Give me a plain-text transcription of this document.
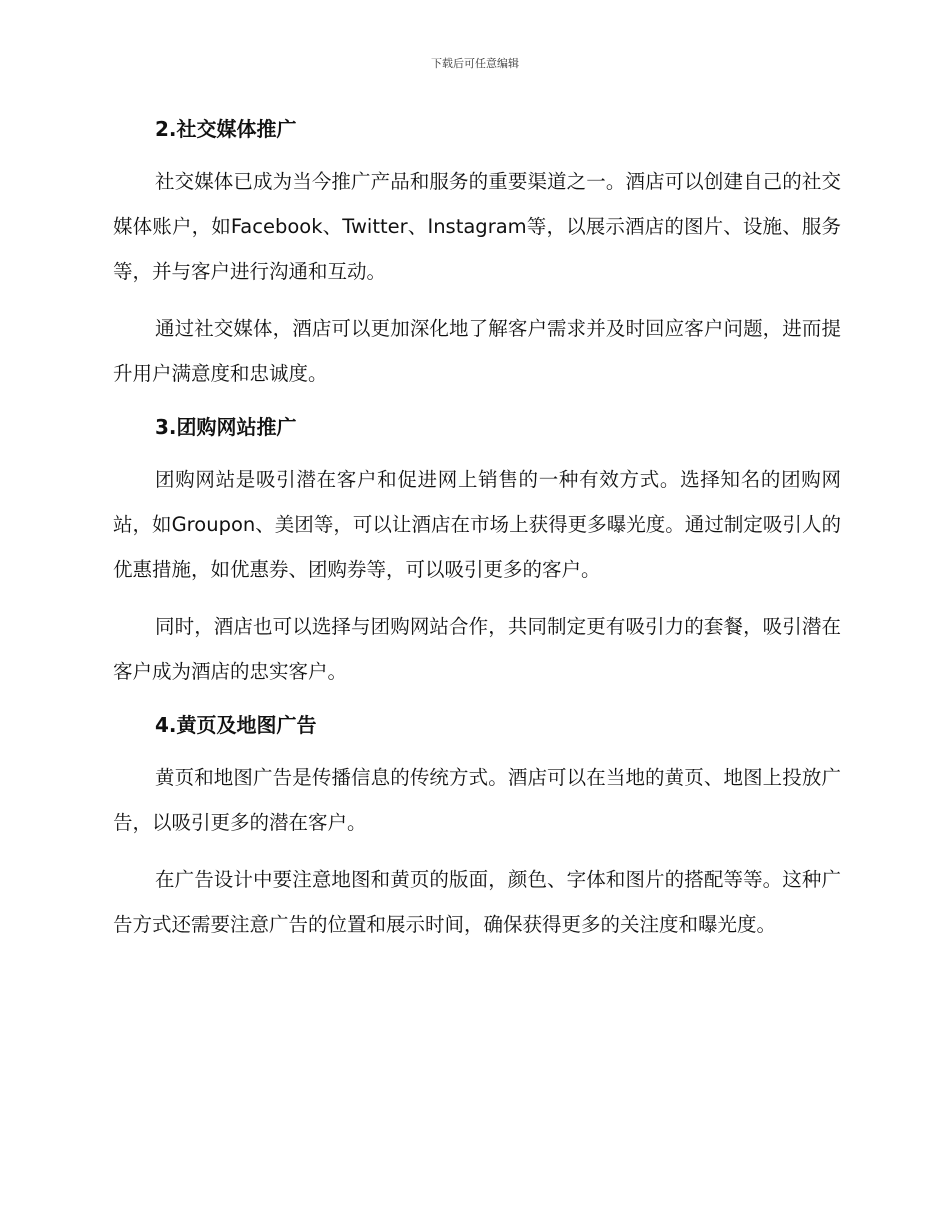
下载后可任意编辑
2.社交媒体推广

社交媒体已成为当今推广产品和服务的重要渠道之一。酒店可以创建自己的社交媒体账户，如Facebook、Twitter、Instagram等，以展示酒店的图片、设施、服务等，并与客户进行沟通和互动。

通过社交媒体，酒店可以更加深化地了解客户需求并及时回应客户问题，进而提升用户满意度和忠诚度。

3.团购网站推广

团购网站是吸引潜在客户和促进网上销售的一种有效方式。选择知名的团购网站，如Groupon、美团等，可以让酒店在市场上获得更多曝光度。通过制定吸引人的优惠措施，如优惠券、团购券等，可以吸引更多的客户。

同时，酒店也可以选择与团购网站合作，共同制定更有吸引力的套餐，吸引潜在客户成为酒店的忠实客户。

4.黄页及地图广告

黄页和地图广告是传播信息的传统方式。酒店可以在当地的黄页、地图上投放广告，以吸引更多的潜在客户。

在广告设计中要注意地图和黄页的版面，颜色、字体和图片的搭配等等。这种广告方式还需要注意广告的位置和展示时间，确保获得更多的关注度和曝光度。
